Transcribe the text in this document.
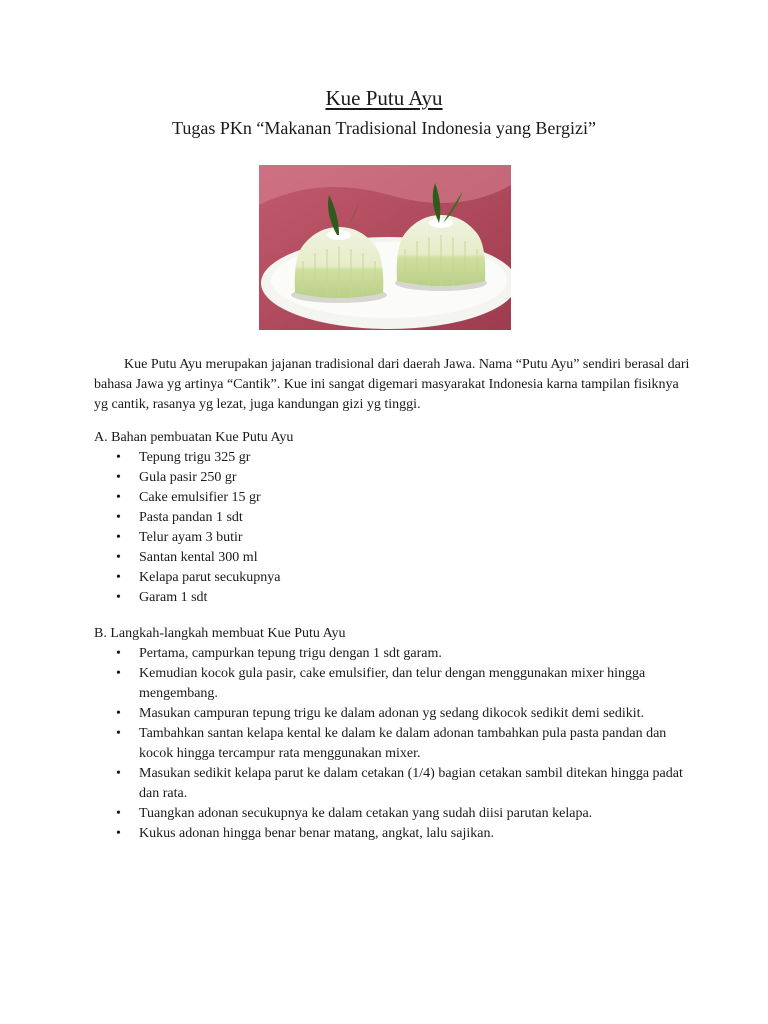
Kue Putu Ayu
Tugas PKn “Makanan Tradisional Indonesia yang Bergizi”

Kue Putu Ayu merupakan jajanan tradisional dari daerah Jawa. Nama “Putu Ayu” sendiri berasal dari bahasa Jawa yg artinya “Cantik”. Kue ini sangat digemari masyarakat Indonesia karna tampilan fisiknya yg cantik, rasanya yg lezat, juga kandungan gizi yg tinggi.

A. Bahan pembuatan Kue Putu Ayu
• Tepung trigu 325 gr
• Gula pasir 250 gr
• Cake emulsifier 15 gr
• Pasta pandan 1 sdt
• Telur ayam 3 butir
• Santan kental 300 ml
• Kelapa parut secukupnya
• Garam 1 sdt
B. Langkah-langkah membuat Kue Putu Ayu
• Pertama, campurkan tepung trigu dengan 1 sdt garam.
• Kemudian kocok gula pasir, cake emulsifier, dan telur dengan menggunakan mixer hingga mengembang.
• Masukan campuran tepung trigu ke dalam adonan yg sedang dikocok sedikit demi sedikit.
• Tambahkan santan kelapa kental ke dalam ke dalam adonan tambahkan pula pasta pandan dan kocok hingga tercampur rata menggunakan mixer.
• Masukan sedikit kelapa parut ke dalam cetakan (1/4) bagian cetakan sambil ditekan hingga padat dan rata.
• Tuangkan adonan secukupnya ke dalam cetakan yang sudah diisi parutan kelapa.
• Kukus adonan hingga benar benar matang, angkat, lalu sajikan.
